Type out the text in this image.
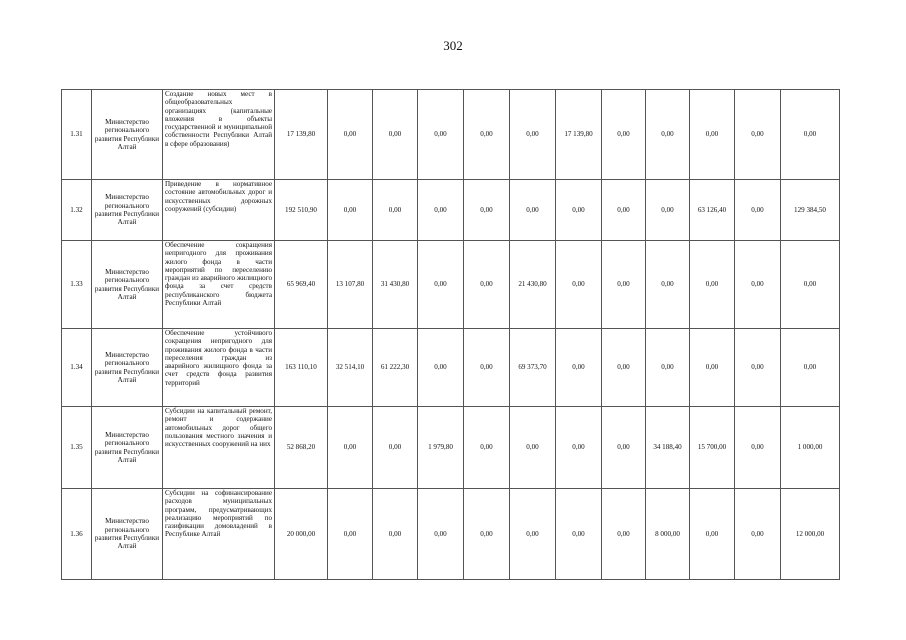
302
1.31	Министерство регионального развития Республики Алтай	Создание новых мест в общеобразовательных организациях (капитальные вложения в объекты государственной и муниципальной собственности Республики Алтай в сфере образования)	17 139,80	0,00	0,00	0,00	0,00	0,00	17 139,80	0,00	0,00	0,00	0,00	0,00
1.32	Министерство регионального развития Республики Алтай	Приведение в нормативное состояние автомобильных дорог и искусственных дорожных сооружений (субсидии)	192 510,90	0,00	0,00	0,00	0,00	0,00	0,00	0,00	0,00	63 126,40	0,00	129 384,50
1.33	Министерство регионального развития Республики Алтай	Обеспечение сокращения непригодного для проживания жилого фонда в части мероприятий по переселению граждан из аварийного жилищного фонда за счет средств республиканского бюджета Республики Алтай	65 969,40	13 107,80	31 430,80	0,00	0,00	21 430,80	0,00	0,00	0,00	0,00	0,00	0,00
1.34	Министерство регионального развития Республики Алтай	Обеспечение устойчивого сокращения непригодного для проживания жилого фонда в части переселения граждан из аварийного жилищного фонда за счет средств фонда развития территорий	163 110,10	32 514,10	61 222,30	0,00	0,00	69 373,70	0,00	0,00	0,00	0,00	0,00	0,00
1.35	Министерство регионального развития Республики Алтай	Субсидии на капитальный ремонт, ремонт и содержание автомобильных дорог общего пользования местного значения и искусственных сооружений на них	52 868,20	0,00	0,00	1 979,80	0,00	0,00	0,00	0,00	34 188,40	15 700,00	0,00	1 000,00
1.36	Министерство регионального развития Республики Алтай	Субсидии на софинансирование расходов муниципальных программ, предусматривающих реализацию мероприятий по газификации домовладений в Республике Алтай	20 000,00	0,00	0,00	0,00	0,00	0,00	0,00	0,00	8 000,00	0,00	0,00	12 000,00
